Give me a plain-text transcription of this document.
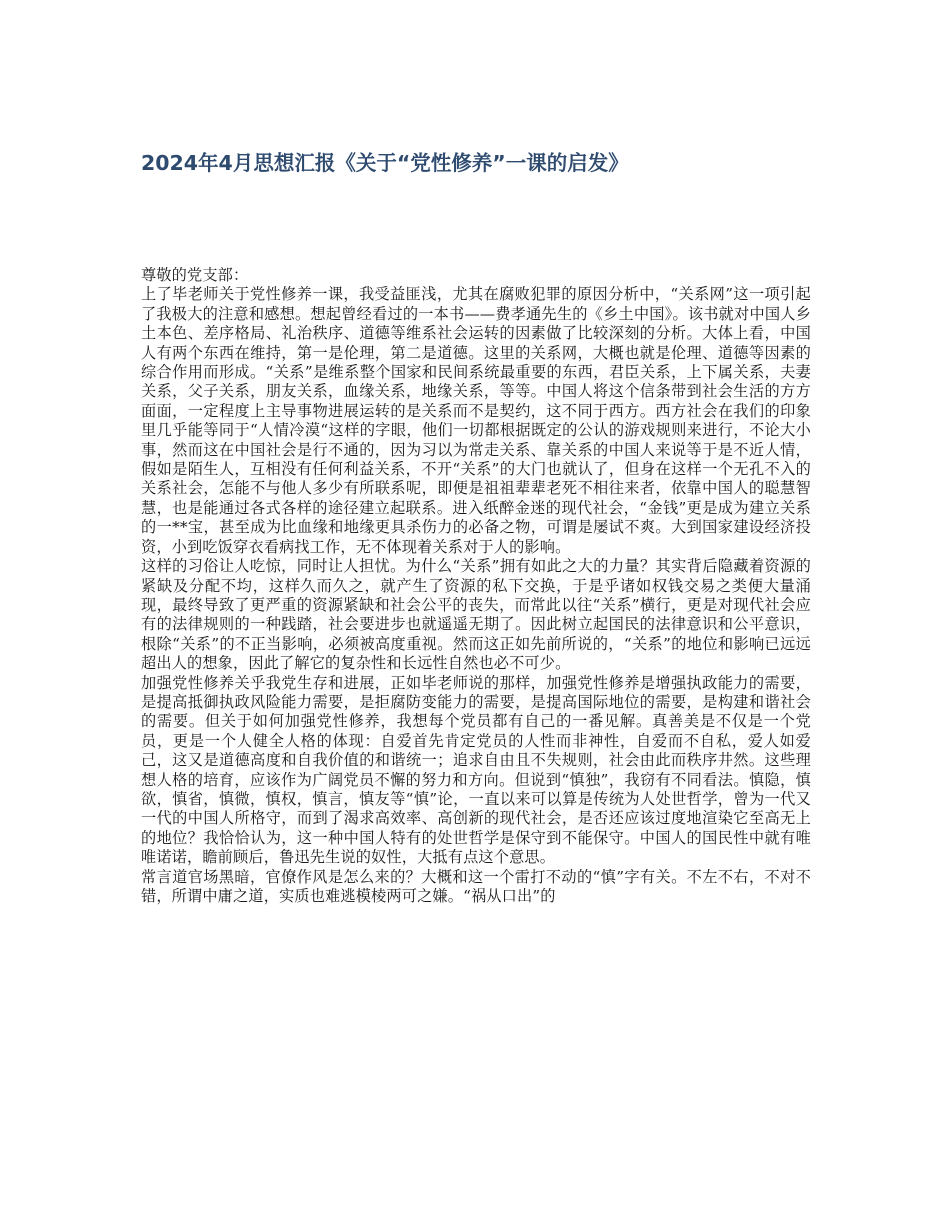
2024年4月思想汇报《关于“党性修养”一课的启发》

尊敬的党支部：

上了毕老师关于党性修养一课，我受益匪浅，尤其在腐败犯罪的原因分析中，“关系网”这一项引起了我极大的注意和感想。想起曾经看过的一本书——费孝通先生的《乡土中国》。该书就对中国人乡土本色、差序格局、礼治秩序、道德等维系社会运转的因素做了比较深刻的分析。大体上看，中国人有两个东西在维持，第一是伦理，第二是道德。这里的关系网，大概也就是伦理、道德等因素的综合作用而形成。“关系”是维系整个国家和民间系统最重要的东西，君臣关系，上下属关系，夫妻关系，父子关系，朋友关系，血缘关系，地缘关系，等等。中国人将这个信条带到社会生活的方方面面，一定程度上主导事物进展运转的是关系而不是契约，这不同于西方。西方社会在我们的印象里几乎能等同于“人情冷漠“这样的字眼，他们一切都根据既定的公认的游戏规则来进行，不论大小事，然而这在中国社会是行不通的，因为习以为常走关系、靠关系的中国人来说等于是不近人情，假如是陌生人，互相没有任何利益关系，不开“关系”的大门也就认了，但身在这样一个无孔不入的关系社会，怎能不与他人多少有所联系呢，即便是祖祖辈辈老死不相往来者，依靠中国人的聪慧智慧，也是能通过各式各样的途径建立起联系。进入纸醉金迷的现代社会，“金钱”更是成为建立关系的一**宝，甚至成为比血缘和地缘更具杀伤力的必备之物，可谓是屡试不爽。大到国家建设经济投资，小到吃饭穿衣看病找工作，无不体现着关系对于人的影响。

这样的习俗让人吃惊，同时让人担忧。为什么“关系”拥有如此之大的力量？其实背后隐藏着资源的紧缺及分配不均，这样久而久之，就产生了资源的私下交换，于是乎诸如权钱交易之类便大量涌现，最终导致了更严重的资源紧缺和社会公平的丧失，而常此以往“关系”横行，更是对现代社会应有的法律规则的一种践踏，社会要进步也就遥遥无期了。因此树立起国民的法律意识和公平意识，根除“关系”的不正当影响，必须被高度重视。然而这正如先前所说的，“关系”的地位和影响已远远超出人的想象，因此了解它的复杂性和长远性自然也必不可少。

加强党性修养关乎我党生存和进展，正如毕老师说的那样，加强党性修养是增强执政能力的需要，是提高抵御执政风险能力需要，是拒腐防变能力的需要，是提高国际地位的需要，是构建和谐社会的需要。但关于如何加强党性修养，我想每个党员都有自己的一番见解。真善美是不仅是一个党员，更是一个人健全人格的体现：自爱首先肯定党员的人性而非神性，自爱而不自私，爱人如爱己，这又是道德高度和自我价值的和谐统一；追求自由且不失规则，社会由此而秩序井然。这些理想人格的培育，应该作为广阔党员不懈的努力和方向。但说到“慎独”，我窃有不同看法。慎隐，慎欲，慎省，慎微，慎权，慎言，慎友等“慎”论，一直以来可以算是传统为人处世哲学，曾为一代又一代的中国人所格守，而到了渴求高效率、高创新的现代社会，是否还应该过度地渲染它至高无上的地位？我恰恰认为，这一种中国人特有的处世哲学是保守到不能保守。中国人的国民性中就有唯唯诺诺，瞻前顾后，鲁迅先生说的奴性，大抵有点这个意思。

常言道官场黑暗，官僚作风是怎么来的？大概和这一个雷打不动的“慎”字有关。不左不右，不对不错，所谓中庸之道，实质也难逃模棱两可之嫌。“祸从口出”的
